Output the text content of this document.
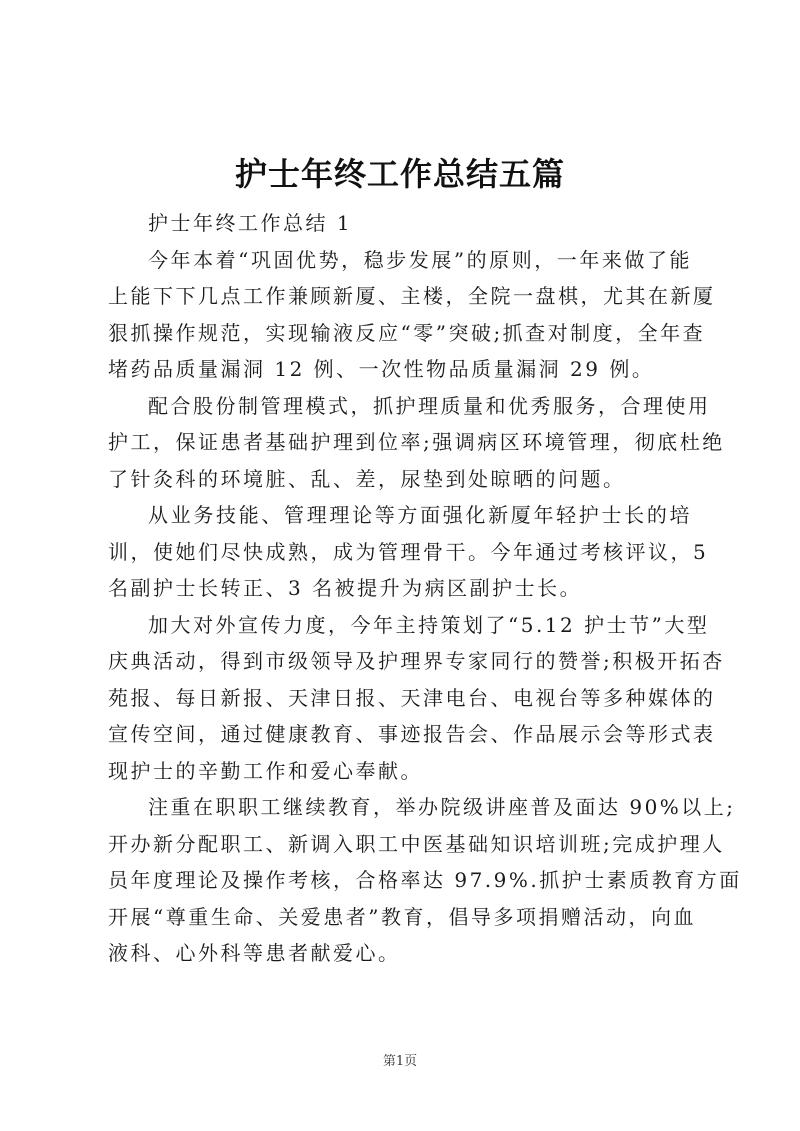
护士年终工作总结五篇
护士年终工作总结 1
今年本着“巩固优势，稳步发展”的原则，一年来做了能
上能下下几点工作兼顾新厦、主楼，全院一盘棋，尤其在新厦
狠抓操作规范，实现输液反应“零”突破;抓查对制度，全年查
堵药品质量漏洞 12 例、一次性物品质量漏洞 29 例。
配合股份制管理模式，抓护理质量和优秀服务，合理使用
护工，保证患者基础护理到位率;强调病区环境管理，彻底杜绝
了针灸科的环境脏、乱、差，尿垫到处晾晒的问题。
从业务技能、管理理论等方面强化新厦年轻护士长的培
训，使她们尽快成熟，成为管理骨干。今年通过考核评议，5
名副护士长转正、3 名被提升为病区副护士长。
加大对外宣传力度，今年主持策划了“5.12 护士节”大型
庆典活动，得到市级领导及护理界专家同行的赞誉;积极开拓杏
苑报、每日新报、天津日报、天津电台、电视台等多种媒体的
宣传空间，通过健康教育、事迹报告会、作品展示会等形式表
现护士的辛勤工作和爱心奉献。
注重在职职工继续教育，举办院级讲座普及面达 90%以上;
开办新分配职工、新调入职工中医基础知识培训班;完成护理人
员年度理论及操作考核，合格率达 97.9%.抓护士素质教育方面
开展“尊重生命、关爱患者”教育，倡导多项捐赠活动，向血
液科、心外科等患者献爱心。
第1页
